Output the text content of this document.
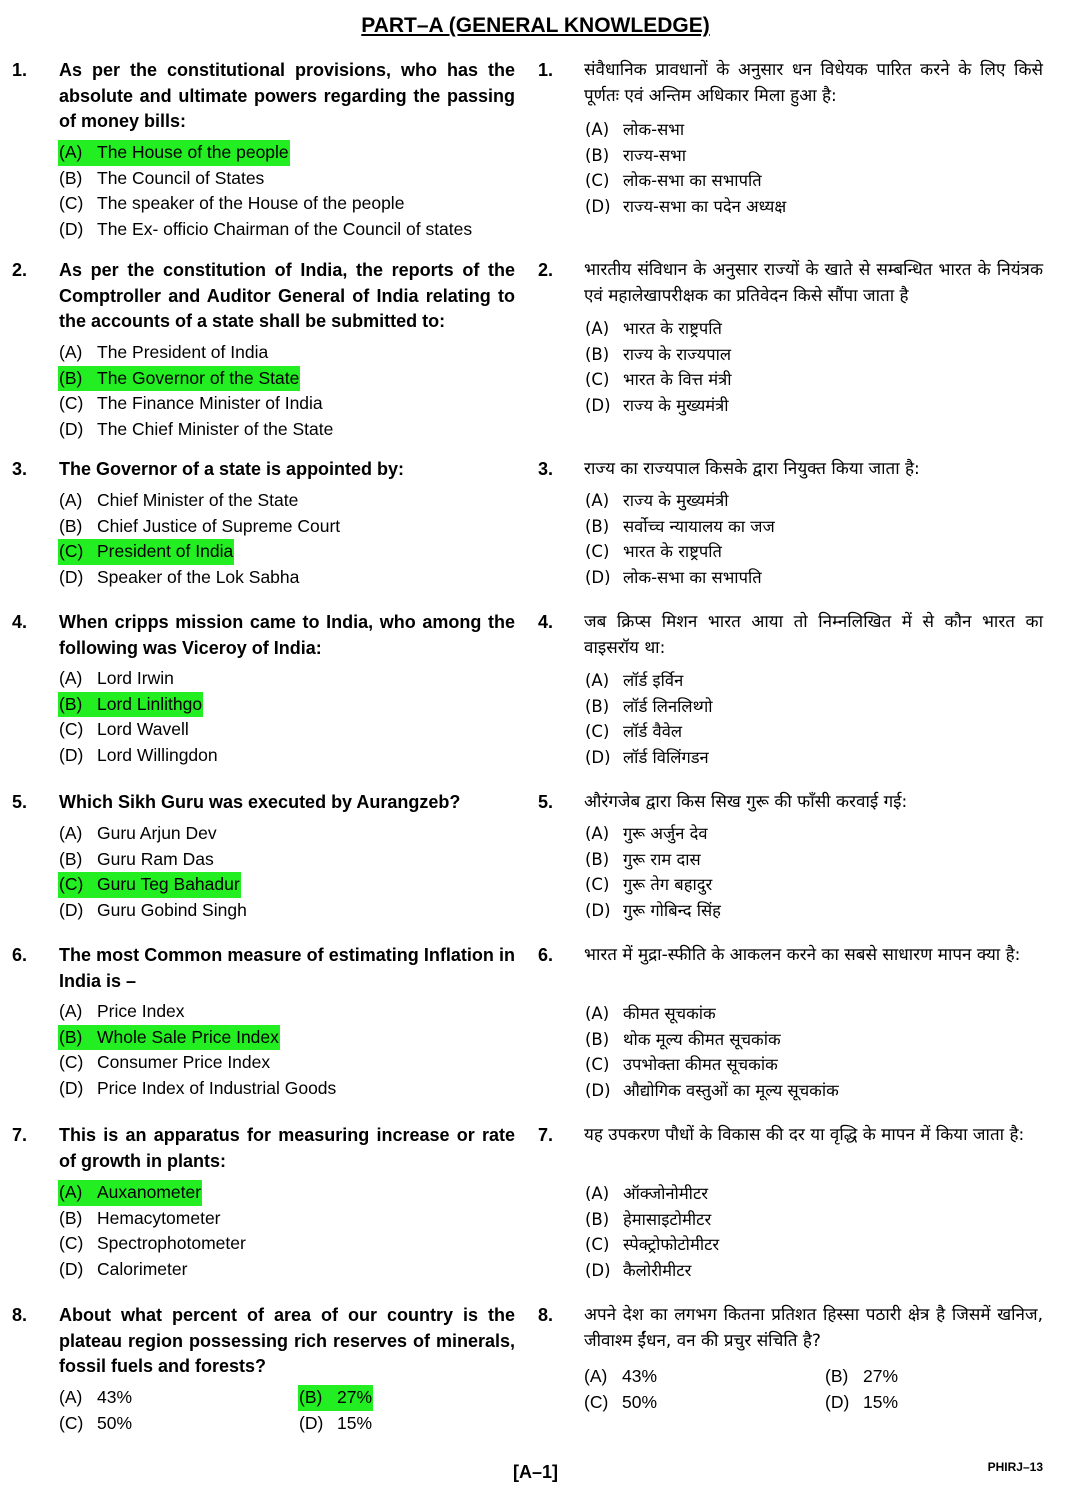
PART–A (GENERAL KNOWLEDGE)
1. As per the constitutional provisions, who has the absolute and ultimate powers regarding the passing of money bills:
(A) The House of the people
(B) The Council of States
(C) The speaker of the House of the people
(D) The Ex- officio Chairman of the Council of states
1. संवैधानिक प्रावधानों के अनुसार धन विधेयक पारित करने के लिए किसे पूर्णतः एवं अन्तिम अधिकार मिला हुआ है:
(A) लोक-सभा
(B) राज्य-सभा
(C) लोक-सभा का सभापति
(D) राज्य-सभा का पदेन अध्यक्ष
2. As per the constitution of India, the reports of the Comptroller and Auditor General of India relating to the accounts of a state shall be submitted to:
(A) The President of India
(B) The Governor of the State
(C) The Finance Minister of India
(D) The Chief Minister of the State
2. भारतीय संविधान के अनुसार राज्यों के खाते से सम्बन्धित भारत के नियंत्रक एवं महालेखापरीक्षक का प्रतिवेदन किसे सौंपा जाता है
(A) भारत के राष्ट्रपति
(B) राज्य के राज्यपाल
(C) भारत के वित्त मंत्री
(D) राज्य के मुख्यमंत्री
3. The Governor of a state is appointed by:
(A) Chief Minister of the State
(B) Chief Justice of Supreme Court
(C) President of India
(D) Speaker of the Lok Sabha
3. राज्य का राज्यपाल किसके द्वारा नियुक्त किया जाता है:
(A) राज्य के मुख्यमंत्री
(B) सर्वोच्च न्यायालय का जज
(C) भारत के राष्ट्रपति
(D) लोक-सभा का सभापति
4. When cripps mission came to India, who among the following was Viceroy of India:
(A) Lord Irwin
(B) Lord Linlithgo
(C) Lord Wavell
(D) Lord Willingdon
4. जब क्रिप्स मिशन भारत आया तो निम्नलिखित में से कौन भारत का वाइसरॉय था:
(A) लॉर्ड इर्विन
(B) लॉर्ड लिनलिथ्गो
(C) लॉर्ड वैवेल
(D) लॉर्ड विलिंगडन
5. Which Sikh Guru was executed by Aurangzeb?
(A) Guru Arjun Dev
(B) Guru Ram Das
(C) Guru Teg Bahadur
(D) Guru Gobind Singh
5. औरंगजेब द्वारा किस सिख गुरू की फाँसी करवाई गई:
(A) गुरू अर्जुन देव
(B) गुरू राम दास
(C) गुरू तेग बहादुर
(D) गुरू गोबिन्द सिंह
6. The most Common measure of estimating Inflation in India is –
(A) Price Index
(B) Whole Sale Price Index
(C) Consumer Price Index
(D) Price Index of Industrial Goods
6. भारत में मुद्रा-स्फीति के आकलन करने का सबसे साधारण मापन क्या है:
(A) कीमत सूचकांक
(B) थोक मूल्य कीमत सूचकांक
(C) उपभोक्ता कीमत सूचकांक
(D) औद्योगिक वस्तुओं का मूल्य सूचकांक
7. This is an apparatus for measuring increase or rate of growth in plants:
(A) Auxanometer
(B) Hemacytometer
(C) Spectrophotometer
(D) Calorimeter
7. यह उपकरण पौधों के विकास की दर या वृद्धि के मापन में किया जाता है:
(A) ऑक्जोनोमीटर
(B) हेमासाइटोमीटर
(C) स्पेक्ट्रोफोटोमीटर
(D) कैलोरीमीटर
8. About what percent of area of our country is the plateau region possessing rich reserves of minerals, fossil fuels and forests?
(A) 43%	(B) 27%
(C) 50%	(D) 15%
8. अपने देश का लगभग कितना प्रतिशत हिस्सा पठारी क्षेत्र है जिसमें खनिज, जीवाश्म ईंधन, वन की प्रचुर संचिति है?
(A) 43%	(B) 27%
(C) 50%	(D) 15%
[A–1]	PHIRJ–13
